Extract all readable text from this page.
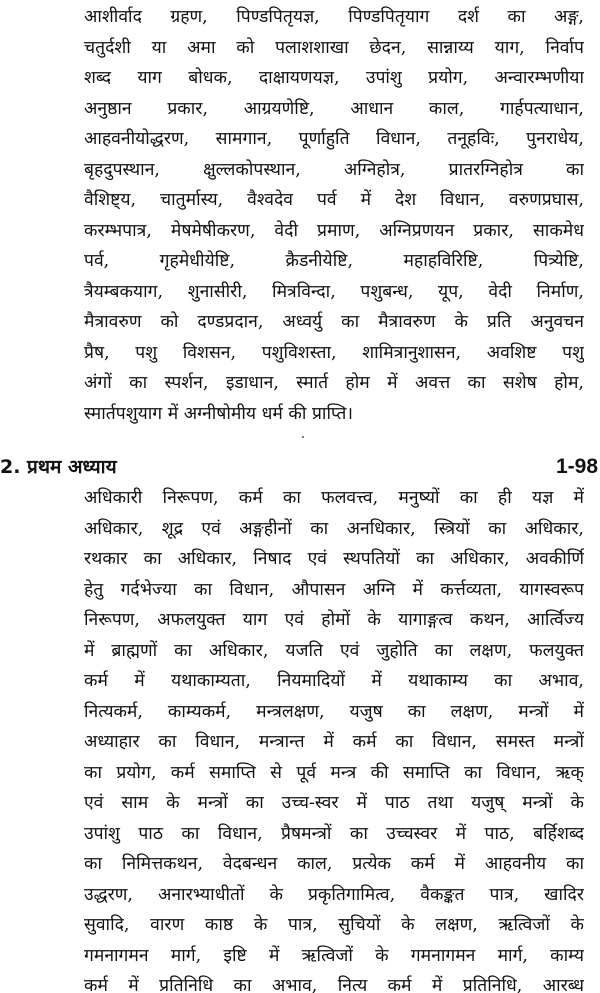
आशीर्वाद ग्रहण, पिण्डपितृयज्ञ, पिण्डपितृयाग दर्श का अङ्ग,
चतुर्दशी या अमा को पलाशशाखा छेदन, सान्नाय्य याग, निर्वाप
शब्द याग बोधक, दाक्षायणयज्ञ, उपांशु प्रयोग, अन्वारम्भणीया
अनुष्ठान प्रकार, आग्रयणेष्टि, आधान काल, गार्हपत्याधान,
आहवनीयोद्धरण, सामगान, पूर्णाहुति विधान, तनूहविः, पुनराधेय,
बृहदुपस्थान, क्षुल्लकोपस्थान, अग्निहोत्र, प्रातरग्निहोत्र का
वैशिष्ट्य, चातुर्मास्य, वैश्वदेव पर्व में देश विधान, वरुणप्रघास,
करम्भपात्र, मेषमेषीकरण, वेदी प्रमाण, अग्निप्रणयन प्रकार, साकमेध
पर्व, गृहमेधीयेष्टि, क्रैडनीयेष्टि, महाहविरिष्टि, पित्र्येष्टि,
त्रैयम्बकयाग, शुनासीरी, मित्रविन्दा, पशुबन्ध, यूप, वेदी निर्माण,
मैत्रावरुण को दण्डप्रदान, अध्वर्यु का मैत्रावरुण के प्रति अनुवचन
प्रैष, पशु विशसन, पशुविशस्ता, शामित्रानुशासन, अवशिष्ट पशु
अंगों का स्पर्शन, इडाधान, स्मार्त होम में अवत्त का सशेष होम,
स्मार्तपशुयाग में अग्नीषोमीय धर्म की प्राप्ति।
2. प्रथम अध्याय	1-98
अधिकारी निरूपण, कर्म का फलवत्त्व, मनुष्यों का ही यज्ञ में
अधिकार, शूद्र एवं अङ्गहीनों का अनधिकार, स्त्रियों का अधिकार,
रथकार का अधिकार, निषाद एवं स्थपतियों का अधिकार, अवकीर्णि
हेतु गर्दभेज्या का विधान, औपासन अग्नि में कर्त्तव्यता, यागस्वरूप
निरूपण, अफलयुक्त याग एवं होमों के यागाङ्गत्व कथन, आर्त्विज्य
में ब्राह्मणों का अधिकार, यजति एवं जुहोति का लक्षण, फलयुक्त
कर्म में यथाकाम्यता, नियमादियों में यथाकाम्य का अभाव,
नित्यकर्म, काम्यकर्म, मन्त्रलक्षण, यजुष का लक्षण, मन्त्रों में
अध्याहार का विधान, मन्त्रान्त में कर्म का विधान, समस्त मन्त्रों
का प्रयोग, कर्म समाप्ति से पूर्व मन्त्र की समाप्ति का विधान, ऋक्
एवं साम के मन्त्रों का उच्च-स्वर में पाठ तथा यजुष् मन्त्रों के
उपांशु पाठ का विधान, प्रैषमन्त्रों का उच्चस्वर में पाठ, बर्हिशब्द
का निमित्तकथन, वेदबन्धन काल, प्रत्येक कर्म में आहवनीय का
उद्धरण, अनारभ्याधीतों के प्रकृतिगामित्व, वैकङ्कत पात्र, खादिर
सुवादि, वारण काष्ठ के पात्र, सुचियों के लक्षण, ऋत्विजों के
गमनागमन मार्ग, इष्टि में ऋत्विजों के गमनागमन मार्ग, काम्य
कर्म में प्रतिनिधि का अभाव, नित्य कर्म में प्रतिनिधि, आरब्ध
